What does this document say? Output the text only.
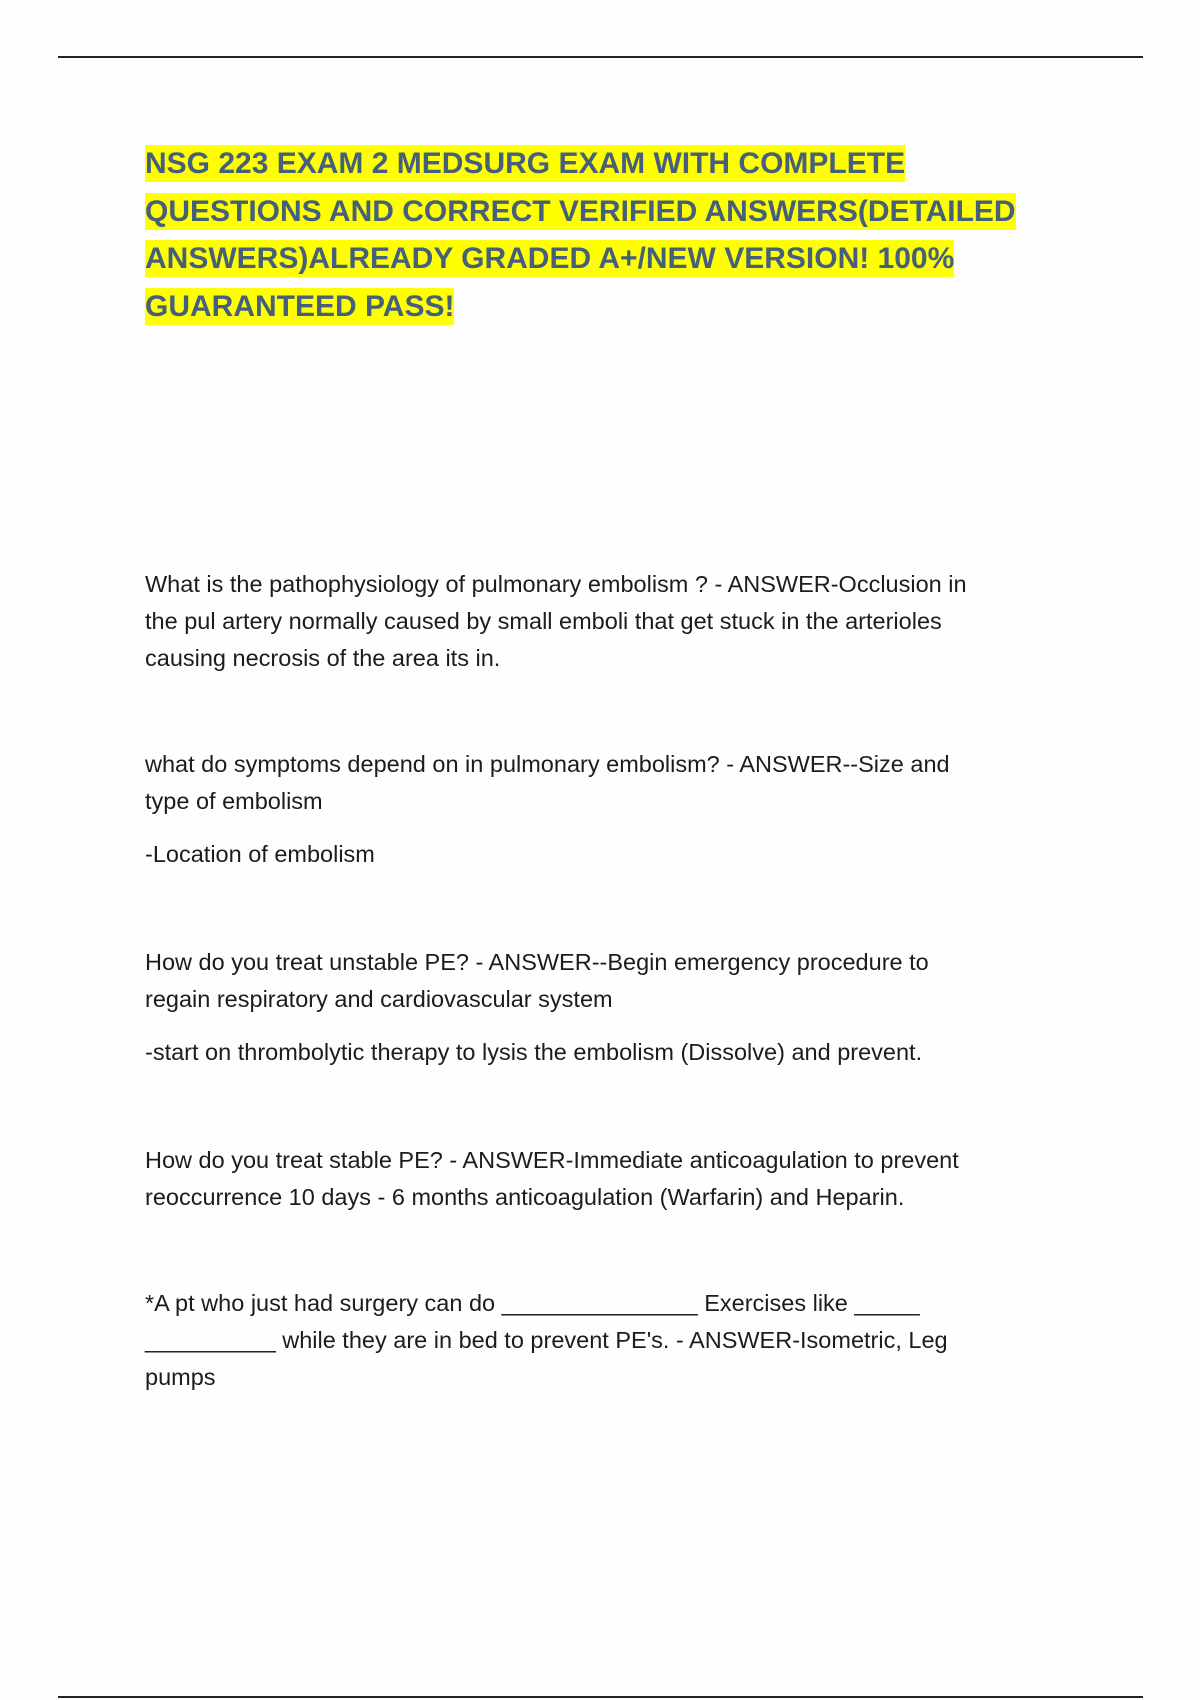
NSG 223 EXAM 2 MEDSURG EXAM WITH COMPLETE
QUESTIONS AND CORRECT VERIFIED ANSWERS(DETAILED
ANSWERS)ALREADY GRADED A+/NEW VERSION! 100%
GUARANTEED PASS!

What is the pathophysiology of pulmonary embolism ? - ANSWER-Occlusion in

the pul artery normally caused by small emboli that get stuck in the arterioles

causing necrosis of the area its in.

what do symptoms depend on in pulmonary embolism? - ANSWER--Size and

type of embolism

-Location of embolism

How do you treat unstable PE? - ANSWER--Begin emergency procedure to

regain respiratory and cardiovascular system

-start on thrombolytic therapy to lysis the embolism (Dissolve) and prevent.

How do you treat stable PE? - ANSWER-Immediate anticoagulation to prevent

reoccurrence 10 days - 6 months anticoagulation (Warfarin) and Heparin.

*A pt who just had surgery can do _______________ Exercises like _____

__________ while they are in bed to prevent PE's. - ANSWER-Isometric, Leg

pumps
